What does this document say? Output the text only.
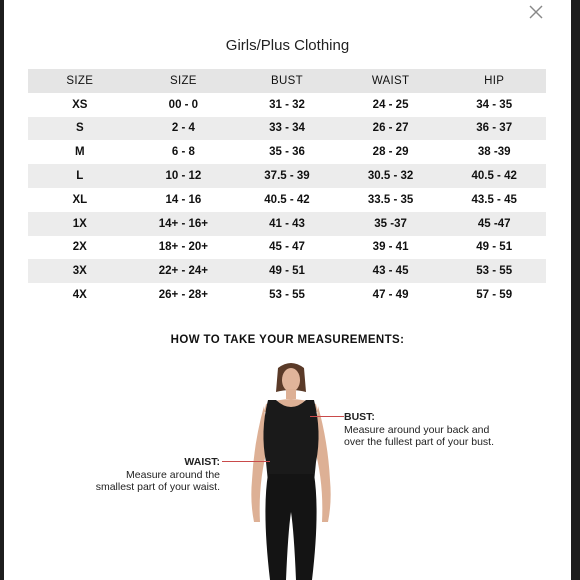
Girls/Plus Clothing
SIZE	SIZE	BUST	WAIST	HIP
XS	00 - 0	31 - 32	24 - 25	34 - 35
S	2 - 4	33 - 34	26 - 27	36 - 37
M	6 - 8	35 - 36	28 - 29	38 -39
L	10 - 12	37.5 - 39	30.5 - 32	40.5 - 42
XL	14 - 16	40.5 - 42	33.5 - 35	43.5 - 45
1X	14+ - 16+	41 - 43	35 -37	45 -47
2X	18+ - 20+	45 - 47	39 - 41	49 - 51
3X	22+ - 24+	49 - 51	43 - 45	53 - 55
4X	26+ - 28+	53 - 55	47 - 49	57 - 59
HOW TO TAKE YOUR MEASUREMENTS:
BUST:
Measure around your back and
over the fullest part of your bust.
WAIST:
Measure around the
smallest part of your waist.
